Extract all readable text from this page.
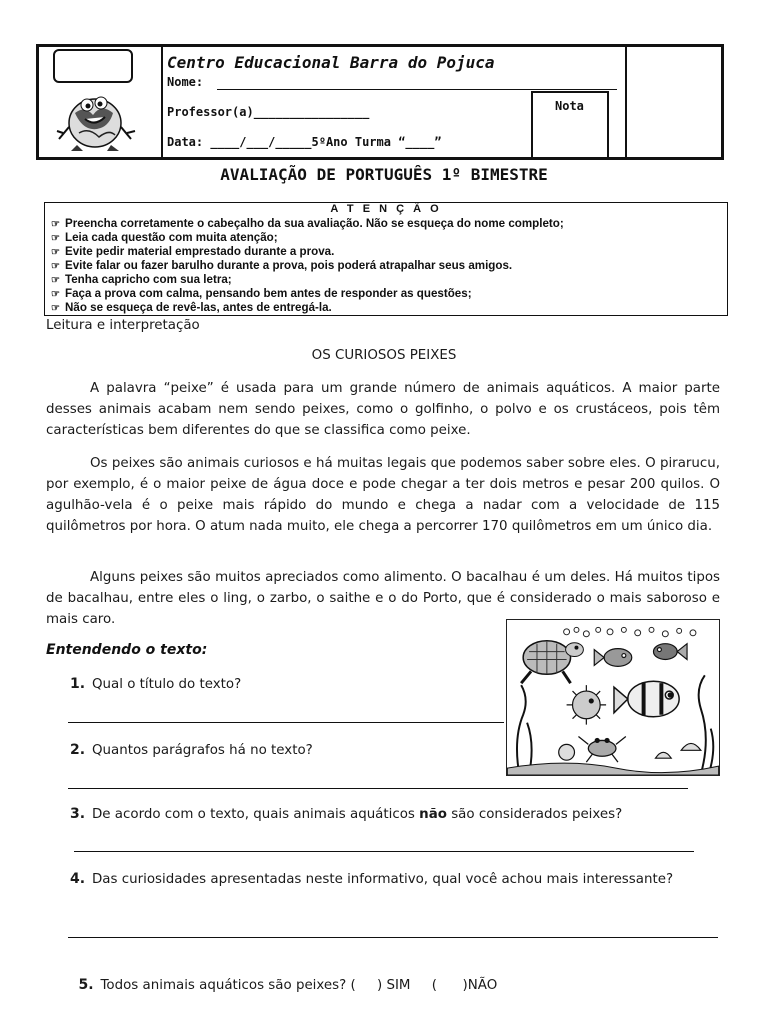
Centro Educacional Barra do Pojuca
Nome:
Professor(a)________________
Data: ____/___/_____5ºAno Turma “____”
Nota
AVALIAÇÃO DE PORTUGUÊS 1º BIMESTRE
A T E N Ç Ã O
☞ Preencha corretamente o cabeçalho da sua avaliação. Não se esqueça do nome completo;
☞ Leia cada questão com muita atenção;
☞ Evite pedir material emprestado durante a prova.
☞ Evite falar ou fazer barulho durante a prova, pois poderá atrapalhar seus amigos.
☞ Tenha capricho com sua letra;
☞ Faça a prova com calma, pensando bem antes de responder as questões;
☞ Não se esqueça de revê-las, antes de entregá-la.
Leitura e interpretação
OS CURIOSOS PEIXES

A palavra “peixe” é usada para um grande número de animais aquáticos. A maior parte desses animais acabam nem sendo peixes, como o golfinho, o polvo e os crustáceos, pois têm características bem diferentes do que se classifica como peixe.

Os peixes são animais curiosos e há muitas legais que podemos saber sobre eles. O pirarucu, por exemplo, é o maior peixe de água doce e pode chegar a ter dois metros e pesar 200 quilos. O agulhão-vela é o peixe mais rápido do mundo e chega a nadar com a velocidade de 115 quilômetros por hora. O atum nada muito, ele chega a percorrer 170 quilômetros em um único dia.

Alguns peixes são muitos apreciados como alimento. O bacalhau é um deles. Há muitos tipos de bacalhau, entre eles o ling, o zarbo, o saithe e o do Porto, que é considerado o mais saboroso e mais caro.

Entendendo o texto:
1. Qual o título do texto?
2. Quantos parágrafos há no texto?
3. De acordo com o texto, quais animais aquáticos não são considerados peixes?
4. Das curiosidades apresentadas neste informativo, qual você achou mais interessante?

5. Todos animais aquáticos são peixes? (     ) SIM     (      )NÃO
